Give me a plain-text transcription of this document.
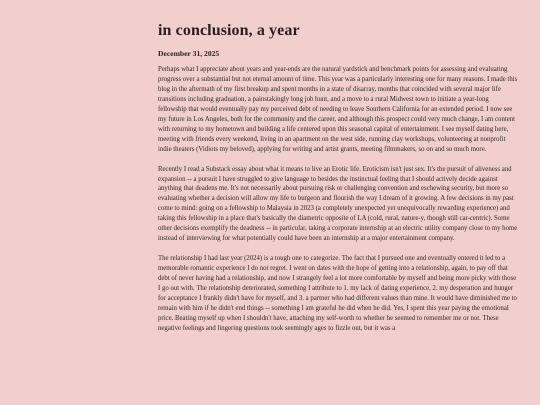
in conclusion, a year
December 31, 2025

Perhaps what I appreciate about years and year-ends are the natural yardstick and benchmark points for assessing and evaluating progress over a substantial but not eternal amount of time. This year was a particularly interesting one for many reasons. I made this blog in the aftermath of my first breakup and spent months in a state of disarray, months that coincided with several major life transitions including graduation, a painstakingly long job hunt, and a move to a rural Midwest town to initiate a year-long fellowship that would eventually pay my perceived debt of needing to leave Southern California for an extended period. I now see my future in Los Angeles, both for the community and the career, and although this prospect could very much change, I am content with returning to my hometown and building a life centered upon this seasonal capital of entertainment. I see myself dating here, meeting with friends every weekend, living in an apartment on the west side, running clay workshops, volunteering at nonprofit indie theaters (Vidiots my beloved), applying for writing and artist grants, meeting filmmakers, so on and so much more.

Recently I read a Substack essay about what it means to live an Erotic life. Eroticism isn't just sex. It's the pursuit of aliveness and expansion -- a pursuit I have struggled to give language to besides the instinctual feeling that I should actively decide against anything that deadens me. It's not necessarily about pursuing risk or challenging convention and eschewing security, but more so evaluating whether a decision will allow my life to burgeon and flourish the way I dream of it growing. A few decisions in my past come to mind: going on a fellowship to Malaysia in 2023 (a completely unexpected yet unequivocally rewarding experience) and taking this fellowship in a place that's basically the diametric opposite of LA (cold, rural, nature-y, though still car-centric). Some other decisions exemplify the deadness -- in particular, taking a corporate internship at an electric utility company close to my home instead of interviewing for what potentially could have been an internship at a major entertainment company.

The relationship I had last year (2024) is a tough one to categorize. The fact that I pursued one and eventually entered it led to a memorable romantic experience I do not regret. I went on dates with the hope of getting into a relationship, again, to pay off that debt of never having had a relationship, and now I strangely feel a lot more comfortable by myself and being more picky with those I go out with. The relationship deteriorated, something I attribute to 1. my lack of dating experience, 2. my desperation and hunger for acceptance I frankly didn't have for myself, and 3. a partner who had different values than mine. It would have diminished me to remain with him if he didn't end things -- something I am grateful he did when he did. Yes, I spent this year paying the emotional price. Beating myself up when I shouldn't have, attaching my self-worth to whether he seemed to remember me or not. These negative feelings and lingering questions took seemingly ages to fizzle out, but it was a
